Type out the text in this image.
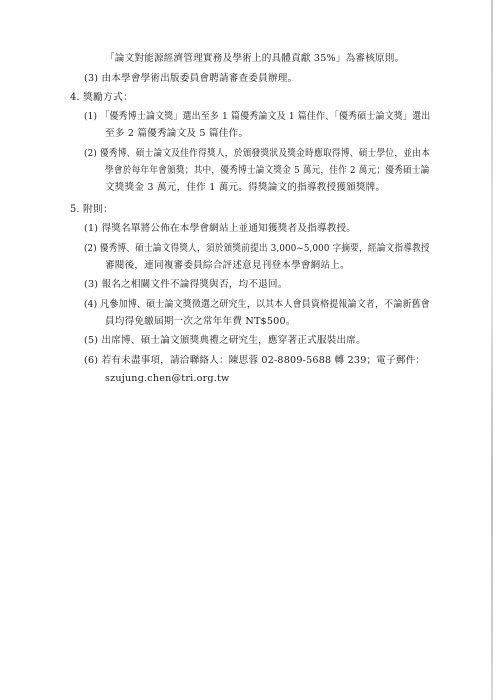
「論文對能源經濟管理實務及學術上的具體貢獻 35%」為審核原則。
(3) 由本學會學術出版委員會聘請審查委員辦理。
4. 獎勵方式：
(1) 「優秀博士論文獎」選出至多 1 篇優秀論文及 1 篇佳作、「優秀碩士論文獎」選出
至多 2 篇優秀論文及 5 篇佳作。
(2) 優秀博、碩士論文及佳作得獎人，於頒發獎狀及獎金時應取得博、碩士學位，並由本
學會於每年年會頒獎；其中，優秀博士論文獎金 5 萬元，佳作 2 萬元；優秀碩士論
文獎獎金 3 萬元，佳作 1 萬元。得獎論文的指導教授獲頒獎牌。
5. 附則：
(1) 得獎名單將公佈在本學會網站上並通知獲獎者及指導教授。
(2) 優秀博、碩士論文得獎人，須於頒獎前提出 3,000~5,000 字摘要，經論文指導教授
審閱後，連同複審委員綜合評述意見刊登本學會網站上。
(3) 報名之相關文件不論得獎與否，均不退回。
(4) 凡參加博、碩士論文獎徵選之研究生，以其本人會員資格提報論文者，不論新舊會
員均得免繳屆期一次之常年年費 NT$500。
(5) 出席博、碩士論文頒獎典禮之研究生，應穿著正式服裝出席。
(6) 若有未盡事項，請洽聯絡人：陳思蓉 02-8809-5688 轉 239；電子郵件：
szujung.chen@tri.org.tw
